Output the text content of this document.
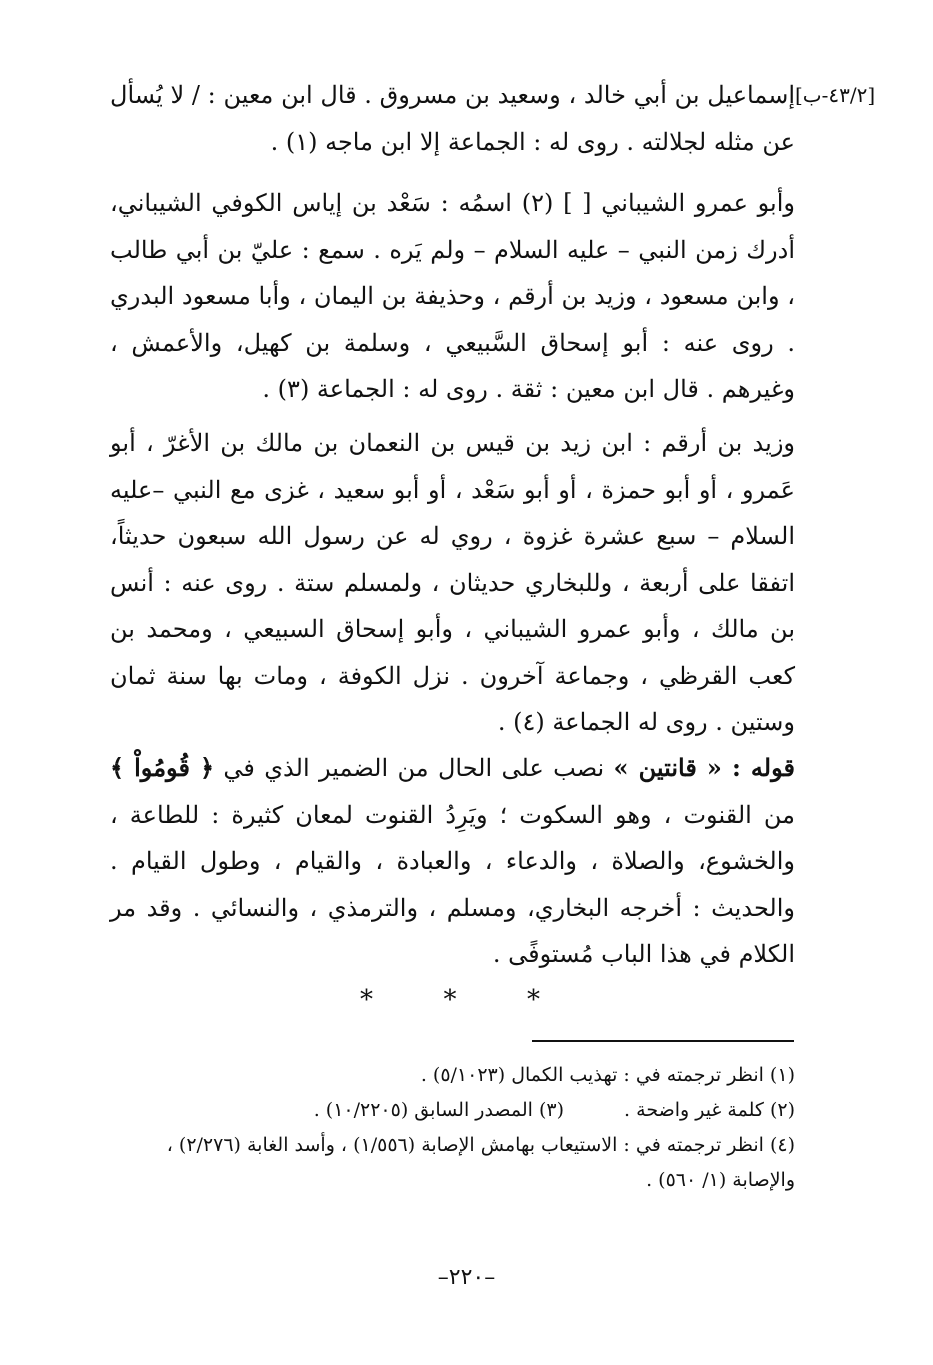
[٤٣/٢-ب]

إسماعيل بن أبي خالد ، وسعيد بن مسروق . قال ابن معين : / لا يُسأل عن مثله لجلالته . روى له : الجماعة إلا ابن ماجه (١) .

وأبو عمرو الشيباني [ ] (٢) اسمُه : سَعْد بن إياس الكوفي الشيباني، أدرك زمن النبي – عليه السلام – ولم يَره . سمع : عليّ بن أبي طالب ، وابن مسعود ، وزيد بن أرقم ، وحذيفة بن اليمان ، وأبا مسعود البدري . روى عنه : أبو إسحاق السَّبيعي ، وسلمة بن كهيل، والأعمش ، وغيرهم . قال ابن معين : ثقة . روى له : الجماعة (٣) .

وزيد بن أرقم : ابن زيد بن قيس بن النعمان بن مالك بن الأغرّ ، أبو عَمرو ، أو أبو حمزة ، أو أبو سَعْد ، أو أبو سعيد ، غزى مع النبي –عليه السلام – سبع عشرة غزوة ، روي له عن رسول الله سبعون حديثاً، اتفقا على أربعة ، وللبخاري حديثان ، ولمسلم ستة . روى عنه : أنس بن مالك ، وأبو عمرو الشيباني ، وأبو إسحاق السبيعي ، ومحمد بن كعب القرظي ، وجماعة آخرون . نزل الكوفة ، ومات بها سنة ثمان وستين . روى له الجماعة (٤) .

قوله : « قانتين » نصب على الحال من الضمير الذي في ﴿ قُومُواْ ﴾ من القنوت ، وهو السكوت ؛ ويَرِدُ القنوت لمعان كثيرة : للطاعة ، والخشوع، والصلاة ، والدعاء ، والعبادة ، والقيام ، وطول القيام . والحديث : أخرجه البخاري، ومسلم ، والترمذي ، والنسائي . وقد مر الكلام في هذا الباب مُستوفًى .

*	*	*

(١) انظر ترجمته في : تهذيب الكمال (٥/١٠٢٣) .

(٢) كلمة غير واضحة .

(٣) المصدر السابق (١٠/٢٢٠٥) .

(٤) انظر ترجمته في : الاستيعاب بهامش الإصابة (١/٥٥٦) ، وأسد الغابة (٢/٢٧٦) ، والإصابة (١/ ٥٦٠) .

–٢٢٠–
